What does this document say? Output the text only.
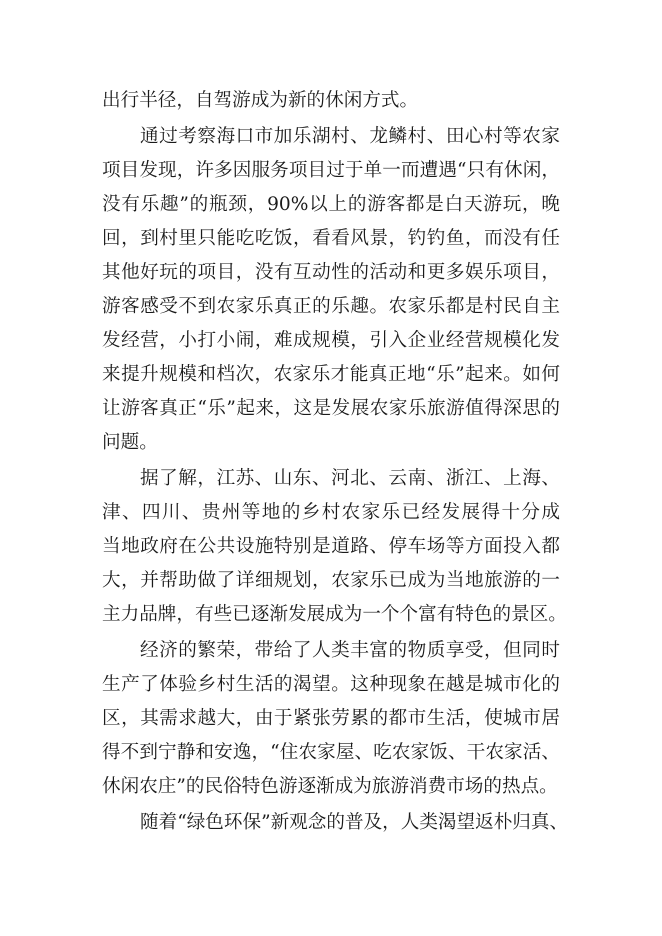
出行半径，自驾游成为新的休闲方式。
通过考察海口市加乐湖村、龙鳞村、田心村等农家
项目发现，许多因服务项目过于单一而遭遇“只有休闲，
没有乐趣”的瓶颈，90%以上的游客都是白天游玩，晚
回，到村里只能吃吃饭，看看风景，钓钓鱼，而没有任
其他好玩的项目，没有互动性的活动和更多娱乐项目，
游客感受不到农家乐真正的乐趣。农家乐都是村民自主
发经营，小打小闹，难成规模，引入企业经营规模化发
来提升规模和档次，农家乐才能真正地“乐”起来。如何
让游客真正“乐”起来，这是发展农家乐旅游值得深思的
问题。
据了解，江苏、山东、河北、云南、浙江、上海、
津、四川、贵州等地的乡村农家乐已经发展得十分成
当地政府在公共设施特别是道路、停车场等方面投入都
大，并帮助做了详细规划，农家乐已成为当地旅游的一
主力品牌，有些已逐渐发展成为一个个富有特色的景区。
经济的繁荣，带给了人类丰富的物质享受，但同时
生产了体验乡村生活的渴望。这种现象在越是城市化的
区，其需求越大，由于紧张劳累的都市生活，使城市居
得不到宁静和安逸，“住农家屋、吃农家饭、干农家活、
休闲农庄”的民俗特色游逐渐成为旅游消费市场的热点。
随着“绿色环保”新观念的普及，人类渴望返朴归真、
